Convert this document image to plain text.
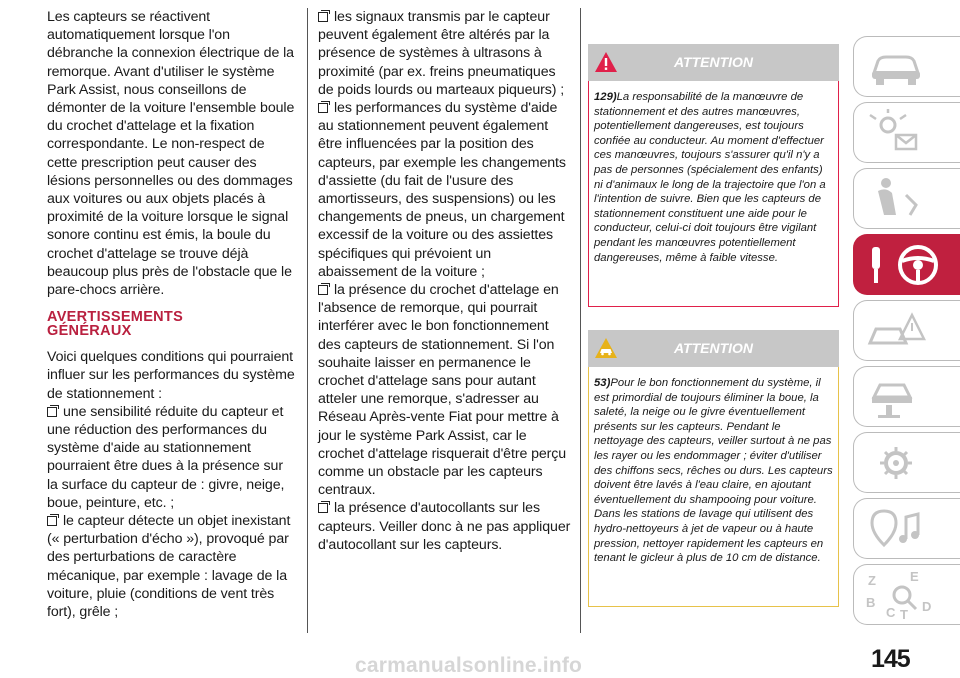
Les capteurs se réactivent automatiquement lorsque l'on débranche la connexion électrique de la remorque. Avant d'utiliser le système Park Assist, nous conseillons de démonter de la voiture l'ensemble boule du crochet d'attelage et la fixation correspondante. Le non-respect de cette prescription peut causer des lésions personnelles ou des dommages aux voitures ou aux objets placés à proximité de la voiture lorsque le signal sonore continu est émis, la boule du crochet d'attelage se trouve déjà beaucoup plus près de l'obstacle que le pare-chocs arrière.

AVERTISSEMENTS
GÉNÉRAUX

Voici quelques conditions qui pourraient influer sur les performances du système de stationnement :

une sensibilité réduite du capteur et une réduction des performances du système d'aide au stationnement pourraient être dues à la présence sur la surface du capteur de : givre, neige, boue, peinture, etc. ;

le capteur détecte un objet inexistant (« perturbation d'écho »), provoqué par des perturbations de caractère mécanique, par exemple : lavage de la voiture, pluie (conditions de vent très fort), grêle ;

les signaux transmis par le capteur peuvent également être altérés par la présence de systèmes à ultrasons à proximité (par ex. freins pneumatiques de poids lourds ou marteaux piqueurs) ;

les performances du système d'aide au stationnement peuvent également être influencées par la position des capteurs, par exemple les changements d'assiette (du fait de l'usure des amortisseurs, des suspensions) ou les changements de pneus, un chargement excessif de la voiture ou des assiettes spécifiques qui prévoient un abaissement de la voiture ;

la présence du crochet d'attelage en l'absence de remorque, qui pourrait interférer avec le bon fonctionnement des capteurs de stationnement. Si l'on souhaite laisser en permanence le crochet d'attelage sans pour autant atteler une remorque, s'adresser au Réseau Après-vente Fiat pour mettre à jour le système Park Assist, car le crochet d'attelage risquerait d'être perçu comme un obstacle par les capteurs centraux.

la présence d'autocollants sur les capteurs. Veiller donc à ne pas appliquer d'autocollant sur les capteurs.

ATTENTION
129)La responsabilité de la manœuvre de stationnement et des autres manœuvres, potentiellement dangereuses, est toujours confiée au conducteur. Au moment d'effectuer ces manœuvres, toujours s'assurer qu'il n'y a pas de personnes (spécialement des enfants) ni d'animaux le long de la trajectoire que l'on a l'intention de suivre. Bien que les capteurs de stationnement constituent une aide pour le conducteur, celui-ci doit toujours être vigilant pendant les manœuvres potentiellement dangereuses, même à faible vitesse.
ATTENTION
53)Pour le bon fonctionnement du système, il est primordial de toujours éliminer la boue, la saleté, la neige ou le givre éventuellement présents sur les capteurs. Pendant le nettoyage des capteurs, veiller surtout à ne pas les rayer ou les endommager ; éviter d'utiliser des chiffons secs, rêches ou durs. Les capteurs doivent être lavés à l'eau claire, en ajoutant éventuellement du shampooing pour voiture. Dans les stations de lavage qui utilisent des hydro-nettoyeurs à jet de vapeur ou à haute pression, nettoyer rapidement les capteurs en tenant le gicleur à plus de 10 cm de distance.
Z	E
B
C T
D
145
carmanualsonline.info
